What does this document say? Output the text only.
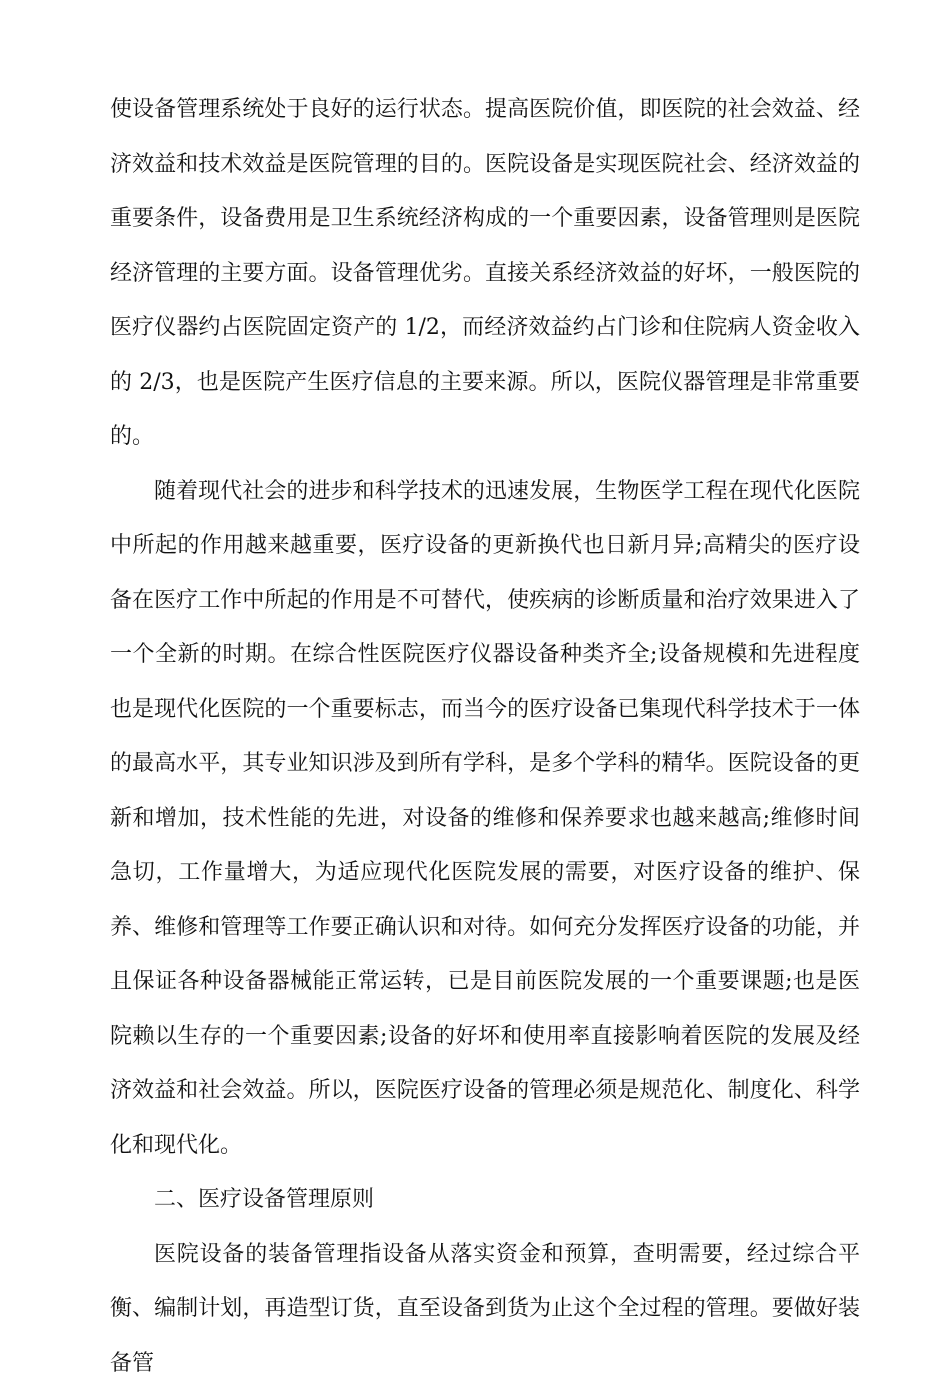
使设备管理系统处于良好的运行状态。提高医院价值，即医院的社会效益、经济效益和技术效益是医院管理的目的。医院设备是实现医院社会、经济效益的重要条件，设备费用是卫生系统经济构成的一个重要因素，设备管理则是医院经济管理的主要方面。设备管理优劣。直接关系经济效益的好坏，一般医院的医疗仪器约占医院固定资产的 1/2，而经济效益约占门诊和住院病人资金收入的 2/3，也是医院产生医疗信息的主要来源。所以，医院仪器管理是非常重要的。

随着现代社会的进步和科学技术的迅速发展，生物医学工程在现代化医院中所起的作用越来越重要，医疗设备的更新换代也日新月异;高精尖的医疗设备在医疗工作中所起的作用是不可替代，使疾病的诊断质量和治疗效果进入了一个全新的时期。在综合性医院医疗仪器设备种类齐全;设备规模和先进程度也是现代化医院的一个重要标志，而当今的医疗设备已集现代科学技术于一体的最高水平，其专业知识涉及到所有学科，是多个学科的精华。医院设备的更新和增加，技术性能的先进，对设备的维修和保养要求也越来越高;维修时间急切，工作量增大，为适应现代化医院发展的需要，对医疗设备的维护、保养、维修和管理等工作要正确认识和对待。如何充分发挥医疗设备的功能，并且保证各种设备器械能正常运转，已是目前医院发展的一个重要课题;也是医院赖以生存的一个重要因素;设备的好坏和使用率直接影响着医院的发展及经济效益和社会效益。所以，医院医疗设备的管理必须是规范化、制度化、科学化和现代化。

二、医疗设备管理原则

医院设备的装备管理指设备从落实资金和预算，查明需要，经过综合平衡、编制计划，再造型订货，直至设备到货为止这个全过程的管理。要做好装备管
